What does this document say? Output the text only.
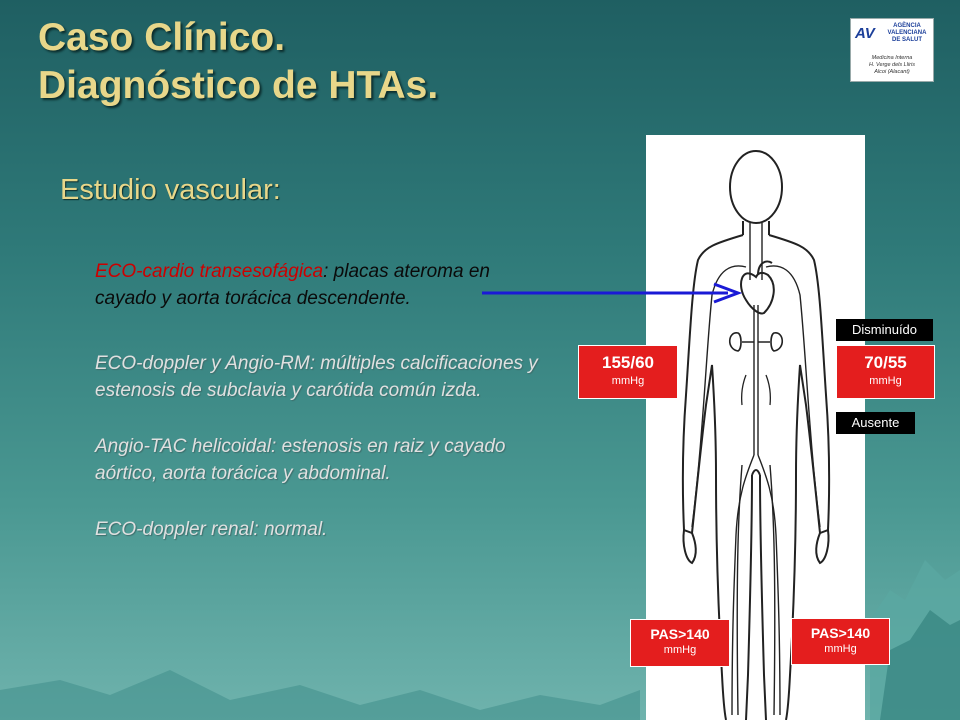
Caso Clínico.
Diagnóstico de HTAs.
AV	AGÈNCIA
VALENCIANA
DE SALUT
Medicina Interna
H. Verge dels Lliris
Alcoi (Alacant)
Estudio vascular:
ECO-cardio transesofágica: placas ateroma en cayado y aorta torácica descendente.
ECO-doppler y Angio-RM: múltiples calcificaciones y estenosis de subclavia y carótida común izda.
Angio-TAC helicoidal: estenosis en raiz y cayado aórtico, aorta torácica y abdominal.
ECO-doppler renal: normal.
155/60
mmHg
Disminuído
70/55
mmHg
Ausente
PAS>140
mmHg
PAS>140
mmHg
